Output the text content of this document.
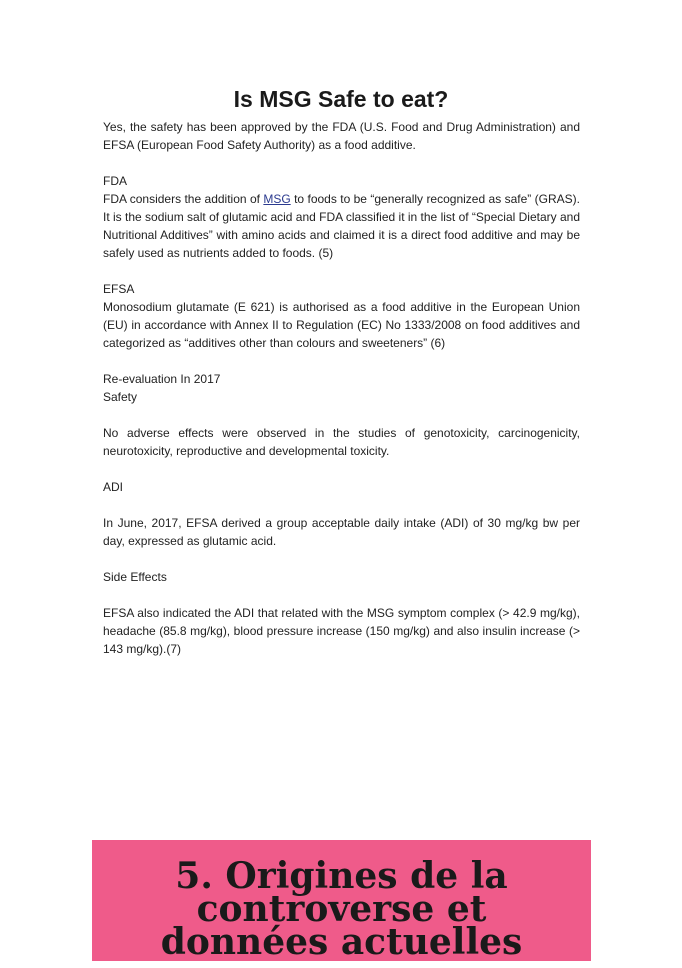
Is MSG Safe to eat?

Yes, the safety has been approved by the FDA (U.S. Food and Drug Administration) and EFSA (European Food Safety Authority) as a food additive.

FDA

FDA considers the addition of MSG to foods to be “generally recognized as safe” (GRAS). It is the sodium salt of glutamic acid and FDA classified it in the list of “Special Dietary and Nutritional Additives” with amino acids and claimed it is a direct food additive and may be safely used as nutrients added to foods. (5)

EFSA

Monosodium glutamate (E 621) is authorised as a food additive in the European Union (EU) in accordance with Annex II to Regulation (EC) No 1333/2008 on food additives and categorized as “additives other than colours and sweeteners” (6)

Re-evaluation In 2017

Safety

No adverse effects were observed in the studies of genotoxicity, carcinogenicity, neurotoxicity, reproductive and developmental toxicity.

ADI

In June, 2017, EFSA derived a group acceptable daily intake (ADI) of 30 mg/kg bw per day, expressed as glutamic acid.

Side Effects

EFSA also indicated the ADI that related with the MSG symptom complex (> 42.9 mg/kg), headache (85.8 mg/kg), blood pressure increase (150 mg/kg) and also insulin increase (> 143 mg/kg).(7)

5. Origines de la
controverse et
données actuelles
